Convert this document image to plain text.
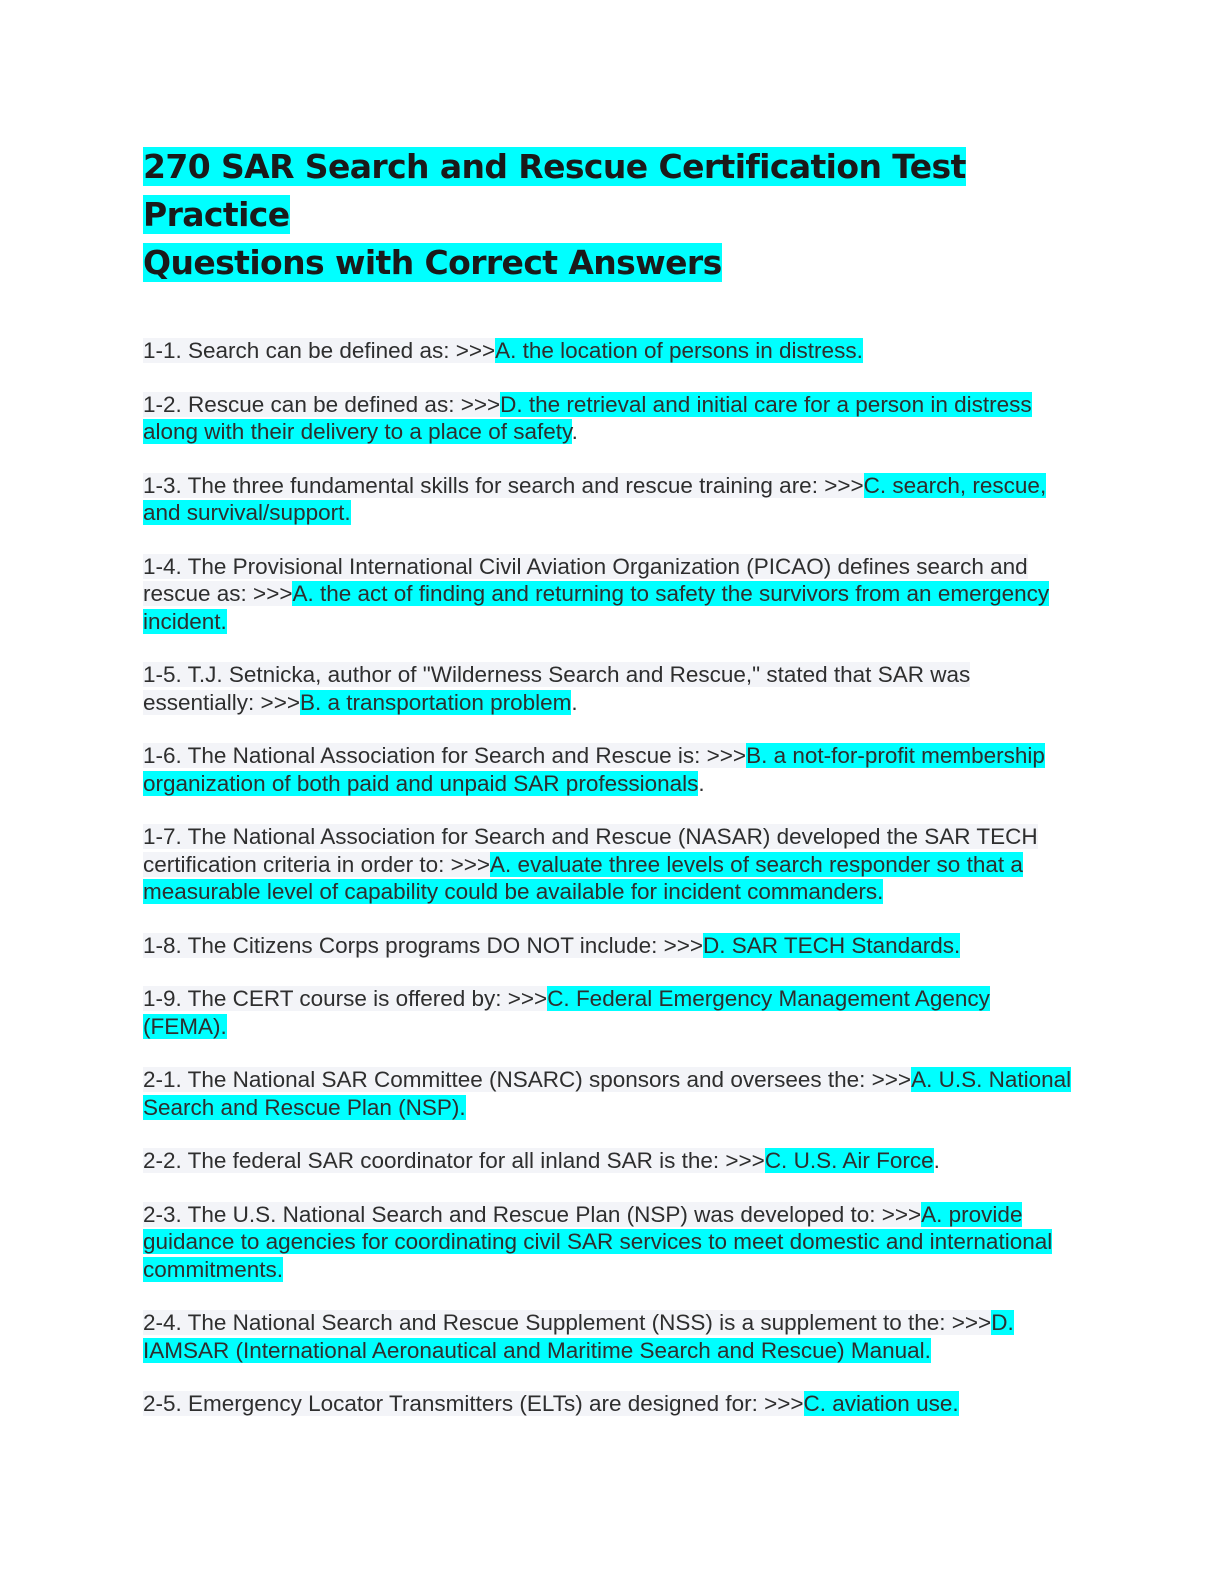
270 SAR Search and Rescue Certification Test Practice
Questions with Correct Answers

1-1. Search can be defined as: >>>A. the location of persons in distress.

1-2. Rescue can be defined as: >>>D. the retrieval and initial care for a person in distress along with their delivery to a place of safety.

1-3. The three fundamental skills for search and rescue training are: >>>C. search, rescue, and survival/support.

1-4. The Provisional International Civil Aviation Organization (PICAO) defines search and rescue as: >>>A. the act of finding and returning to safety the survivors from an emergency incident.

1-5. T.J. Setnicka, author of "Wilderness Search and Rescue," stated that SAR was essentially: >>>B. a transportation problem.

1-6. The National Association for Search and Rescue is: >>>B. a not-for-profit membership organization of both paid and unpaid SAR professionals.

1-7. The National Association for Search and Rescue (NASAR) developed the SAR TECH certification criteria in order to: >>>A. evaluate three levels of search responder so that a measurable level of capability could be available for incident commanders.

1-8. The Citizens Corps programs DO NOT include: >>>D. SAR TECH Standards.

1-9. The CERT course is offered by: >>>C. Federal Emergency Management Agency (FEMA).

2-1. The National SAR Committee (NSARC) sponsors and oversees the: >>>A. U.S. National Search and Rescue Plan (NSP).

2-2. The federal SAR coordinator for all inland SAR is the: >>>C. U.S. Air Force.

2-3. The U.S. National Search and Rescue Plan (NSP) was developed to: >>>A. provide guidance to agencies for coordinating civil SAR services to meet domestic and international commitments.

2-4. The National Search and Rescue Supplement (NSS) is a supplement to the: >>>D. IAMSAR (International Aeronautical and Maritime Search and Rescue) Manual.

2-5. Emergency Locator Transmitters (ELTs) are designed for: >>>C. aviation use.
